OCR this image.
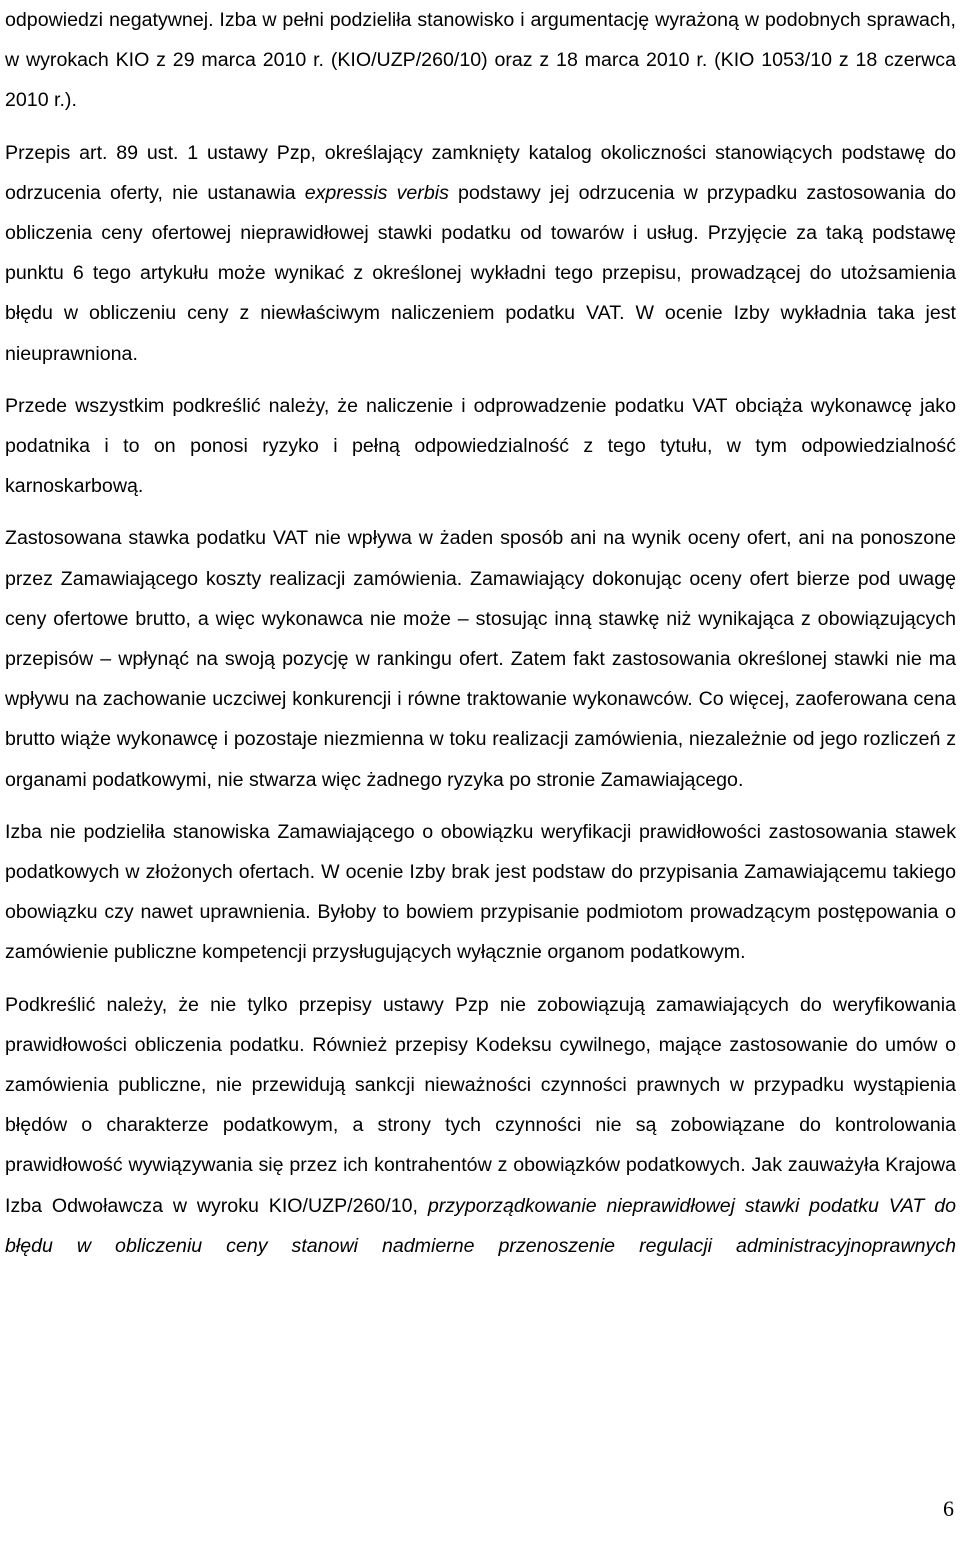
odpowiedzi negatywnej. Izba w pełni podzieliła stanowisko i argumentację wyrażoną w podobnych sprawach, w wyrokach KIO z 29 marca 2010 r. (KIO/UZP/260/10) oraz z 18 marca 2010 r. (KIO 1053/10 z 18 czerwca 2010 r.).

Przepis art. 89 ust. 1 ustawy Pzp, określający zamknięty katalog okoliczności stanowiących podstawę do odrzucenia oferty, nie ustanawia expressis verbis podstawy jej odrzucenia w przypadku zastosowania do obliczenia ceny ofertowej nieprawidłowej stawki podatku od towarów i usług. Przyjęcie za taką podstawę punktu 6 tego artykułu może wynikać z określonej wykładni tego przepisu, prowadzącej do utożsamienia błędu w obliczeniu ceny z niewłaściwym naliczeniem podatku VAT. W ocenie Izby wykładnia taka jest nieuprawniona.

Przede wszystkim podkreślić należy, że naliczenie i odprowadzenie podatku VAT obciąża wykonawcę jako podatnika i to on ponosi ryzyko i pełną odpowiedzialność z tego tytułu, w tym odpowiedzialność karnoskarbową.

Zastosowana stawka podatku VAT nie wpływa w żaden sposób ani na wynik oceny ofert, ani na ponoszone przez Zamawiającego koszty realizacji zamówienia. Zamawiający dokonując oceny ofert bierze pod uwagę ceny ofertowe brutto, a więc wykonawca nie może – stosując inną stawkę niż wynikająca z obowiązujących przepisów – wpłynąć na swoją pozycję w rankingu ofert. Zatem fakt zastosowania określonej stawki nie ma wpływu na zachowanie uczciwej konkurencji i równe traktowanie wykonawców. Co więcej, zaoferowana cena brutto wiąże wykonawcę i pozostaje niezmienna w toku realizacji zamówienia, niezależnie od jego rozliczeń z organami podatkowymi, nie stwarza więc żadnego ryzyka po stronie Zamawiającego.

Izba nie podzieliła stanowiska Zamawiającego o obowiązku weryfikacji prawidłowości zastosowania stawek podatkowych w złożonych ofertach. W ocenie Izby brak jest podstaw do przypisania Zamawiającemu takiego obowiązku czy nawet uprawnienia. Byłoby to bowiem przypisanie podmiotom prowadzącym postępowania o zamówienie publiczne kompetencji przysługujących wyłącznie organom podatkowym.

Podkreślić należy, że nie tylko przepisy ustawy Pzp nie zobowiązują zamawiających do weryfikowania prawidłowości obliczenia podatku. Również przepisy Kodeksu cywilnego, mające zastosowanie do umów o zamówienia publiczne, nie przewidują sankcji nieważności czynności prawnych w przypadku wystąpienia błędów o charakterze podatkowym, a strony tych czynności nie są zobowiązane do kontrolowania prawidłowość wywiązywania się przez ich kontrahentów z obowiązków podatkowych. Jak zauważyła Krajowa Izba Odwoławcza w wyroku KIO/UZP/260/10, przyporządkowanie nieprawidłowej stawki podatku VAT do błędu w obliczeniu ceny stanowi nadmierne przenoszenie regulacji administracyjnoprawnych

6
